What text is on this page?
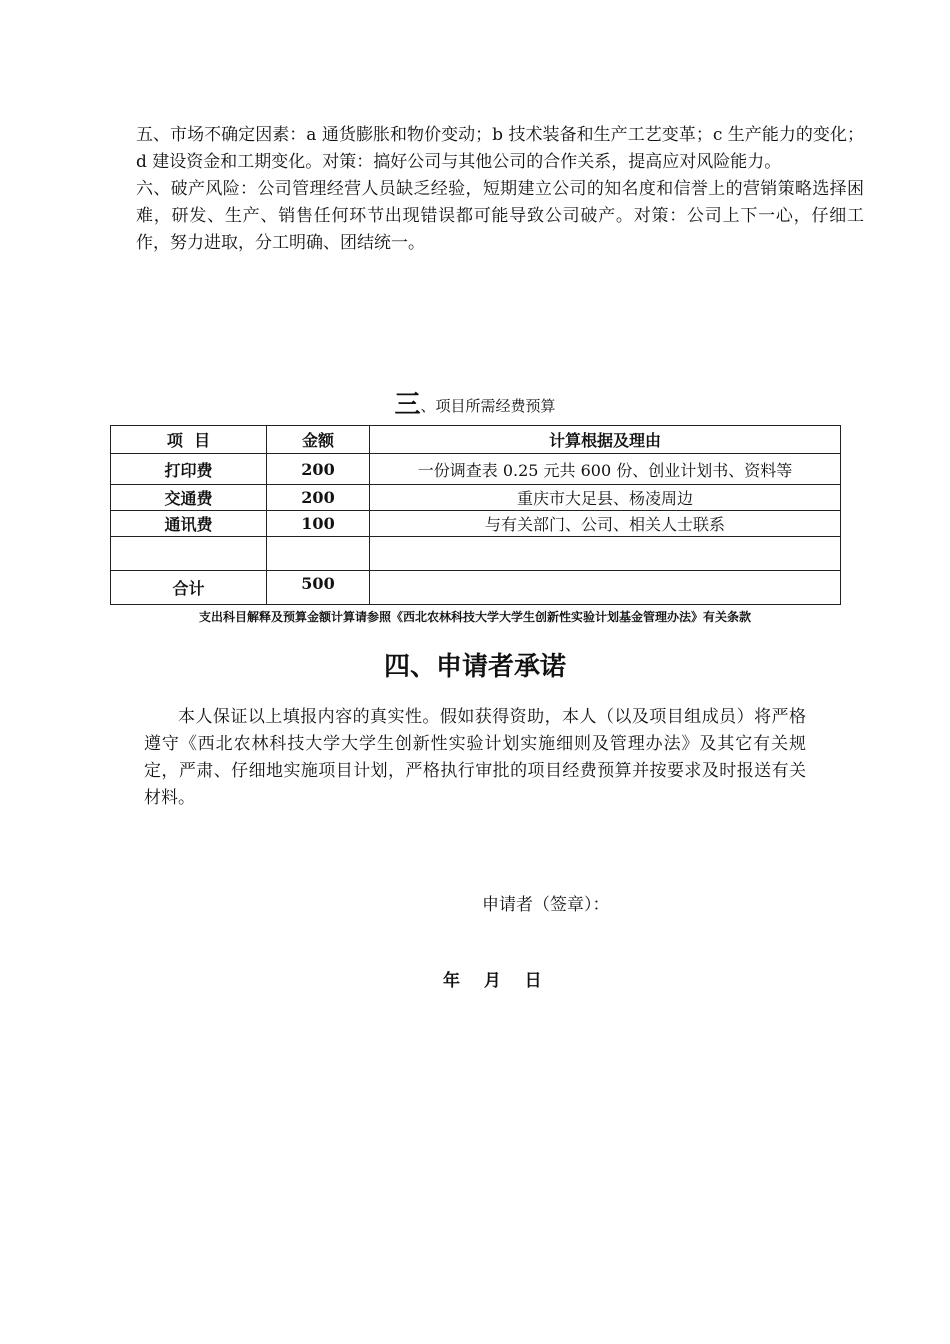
五、市场不确定因素：a 通货膨胀和物价变动；b 技术装备和生产工艺变革；c 生产能力的变化；d 建设资金和工期变化。对策：搞好公司与其他公司的合作关系，提高应对风险能力。

六、破产风险：公司管理经营人员缺乏经验，短期建立公司的知名度和信誉上的营销策略选择困难，研发、生产、销售任何环节出现错误都可能导致公司破产。对策：公司上下一心，仔细工作，努力进取，分工明确、团结统一。

三、项目所需经费预算
项  目	金额	计算根据及理由
打印费	200	一份调查表 0.25 元共 600 份、创业计划书、资料等
交通费	200	重庆市大足县、杨凌周边
通讯费	100	与有关部门、公司、相关人士联系

合计	500	
支出科目解释及预算金额计算请参照《西北农林科技大学大学生创新性实验计划基金管理办法》有关条款
四、申请者承诺

本人保证以上填报内容的真实性。假如获得资助，本人（以及项目组成员）将严格遵守《西北农林科技大学大学生创新性实验计划实施细则及管理办法》及其它有关规定，严肃、仔细地实施项目计划，严格执行审批的项目经费预算并按要求及时报送有关材料。

申请者（签章）：
年  月  日
